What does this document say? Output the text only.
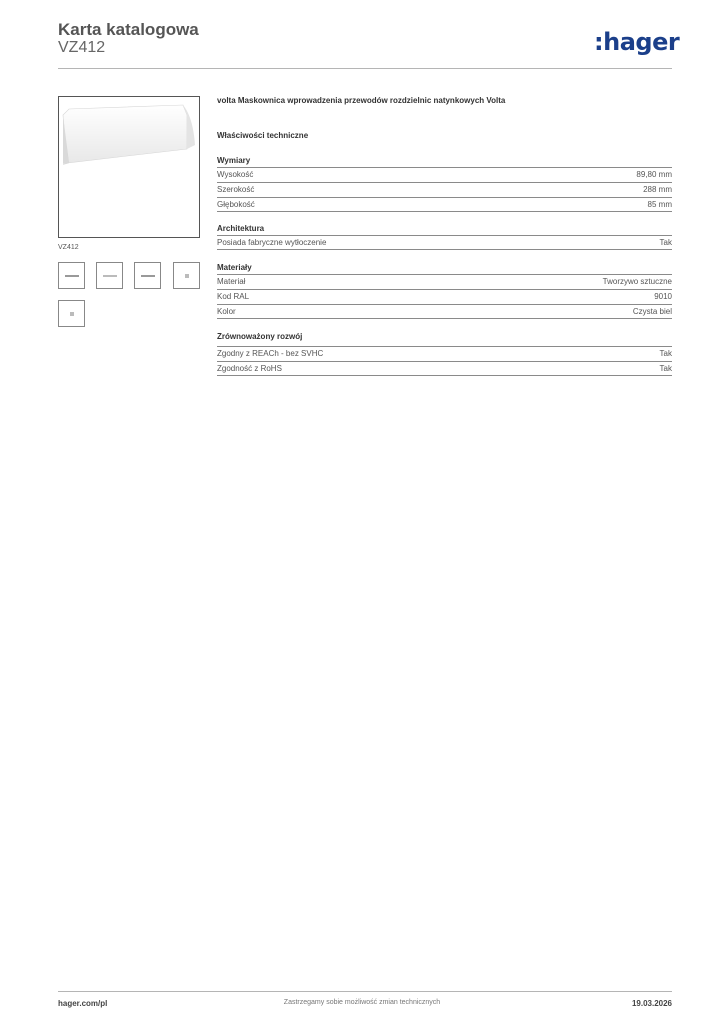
Karta katalogowa
VZ412	:hager
VZ412
volta Maskownica wprowadzenia przewodów rozdzielnic natynkowych Volta
Właściwości techniczne
Wymiary
Wysokość	89,80 mm
Szerokość	288 mm
Głębokość	85 mm
Architektura
Posiada fabryczne wytłoczenie	Tak
Materiały
Materiał	Tworzywo sztuczne
Kod RAL	9010
Kolor	Czysta biel
Zrównoważony rozwój
Zgodny z REACh - bez SVHC	Tak
Zgodność z RoHS	Tak
hager.com/pl	Zastrzegamy sobie możliwość zmian technicznych	19.03.2026
